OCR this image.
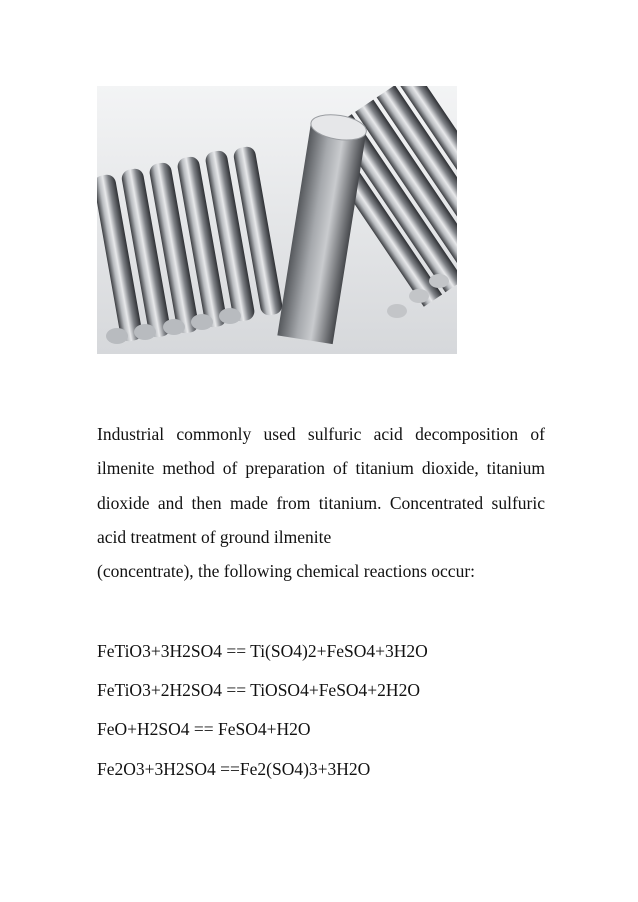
Industrial commonly used sulfuric acid decomposition of ilmenite method of preparation of titanium dioxide, titanium dioxide and then made from titanium. Concentrated sulfuric acid treatment of ground ilmenite
(concentrate), the following chemical reactions occur:

FeTiO3+3H2SO4 == Ti(SO4)2+FeSO4+3H2O

FeTiO3+2H2SO4 == TiOSO4+FeSO4+2H2O

FeO+H2SO4 == FeSO4+H2O

Fe2O3+3H2SO4 ==Fe2(SO4)3+3H2O
